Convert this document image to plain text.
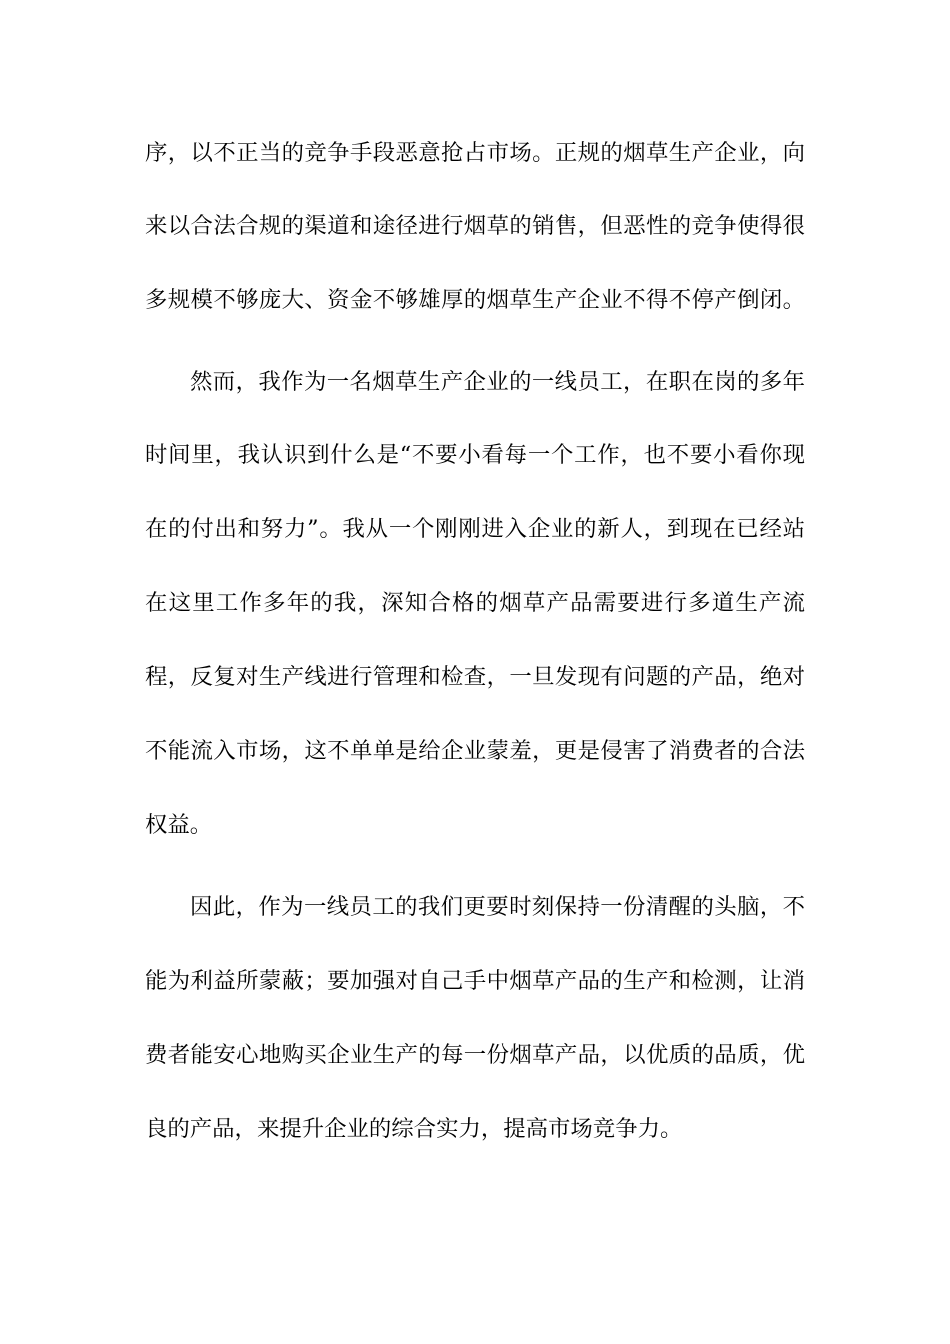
序，以不正当的竞争手段恶意抢占市场。正规的烟草生产企业，向
来以合法合规的渠道和途径进行烟草的销售，但恶性的竞争使得很
多规模不够庞大、资金不够雄厚的烟草生产企业不得不停产倒闭。
然而，我作为一名烟草生产企业的一线员工，在职在岗的多年
时间里，我认识到什么是“不要小看每一个工作，也不要小看你现
在的付出和努力”。我从一个刚刚进入企业的新人，到现在已经站
在这里工作多年的我，深知合格的烟草产品需要进行多道生产流
程，反复对生产线进行管理和检查，一旦发现有问题的产品，绝对
不能流入市场，这不单单是给企业蒙羞，更是侵害了消费者的合法
权益。
因此，作为一线员工的我们更要时刻保持一份清醒的头脑，不
能为利益所蒙蔽；要加强对自己手中烟草产品的生产和检测，让消
费者能安心地购买企业生产的每一份烟草产品，以优质的品质，优
良的产品，来提升企业的综合实力，提高市场竞争力。
